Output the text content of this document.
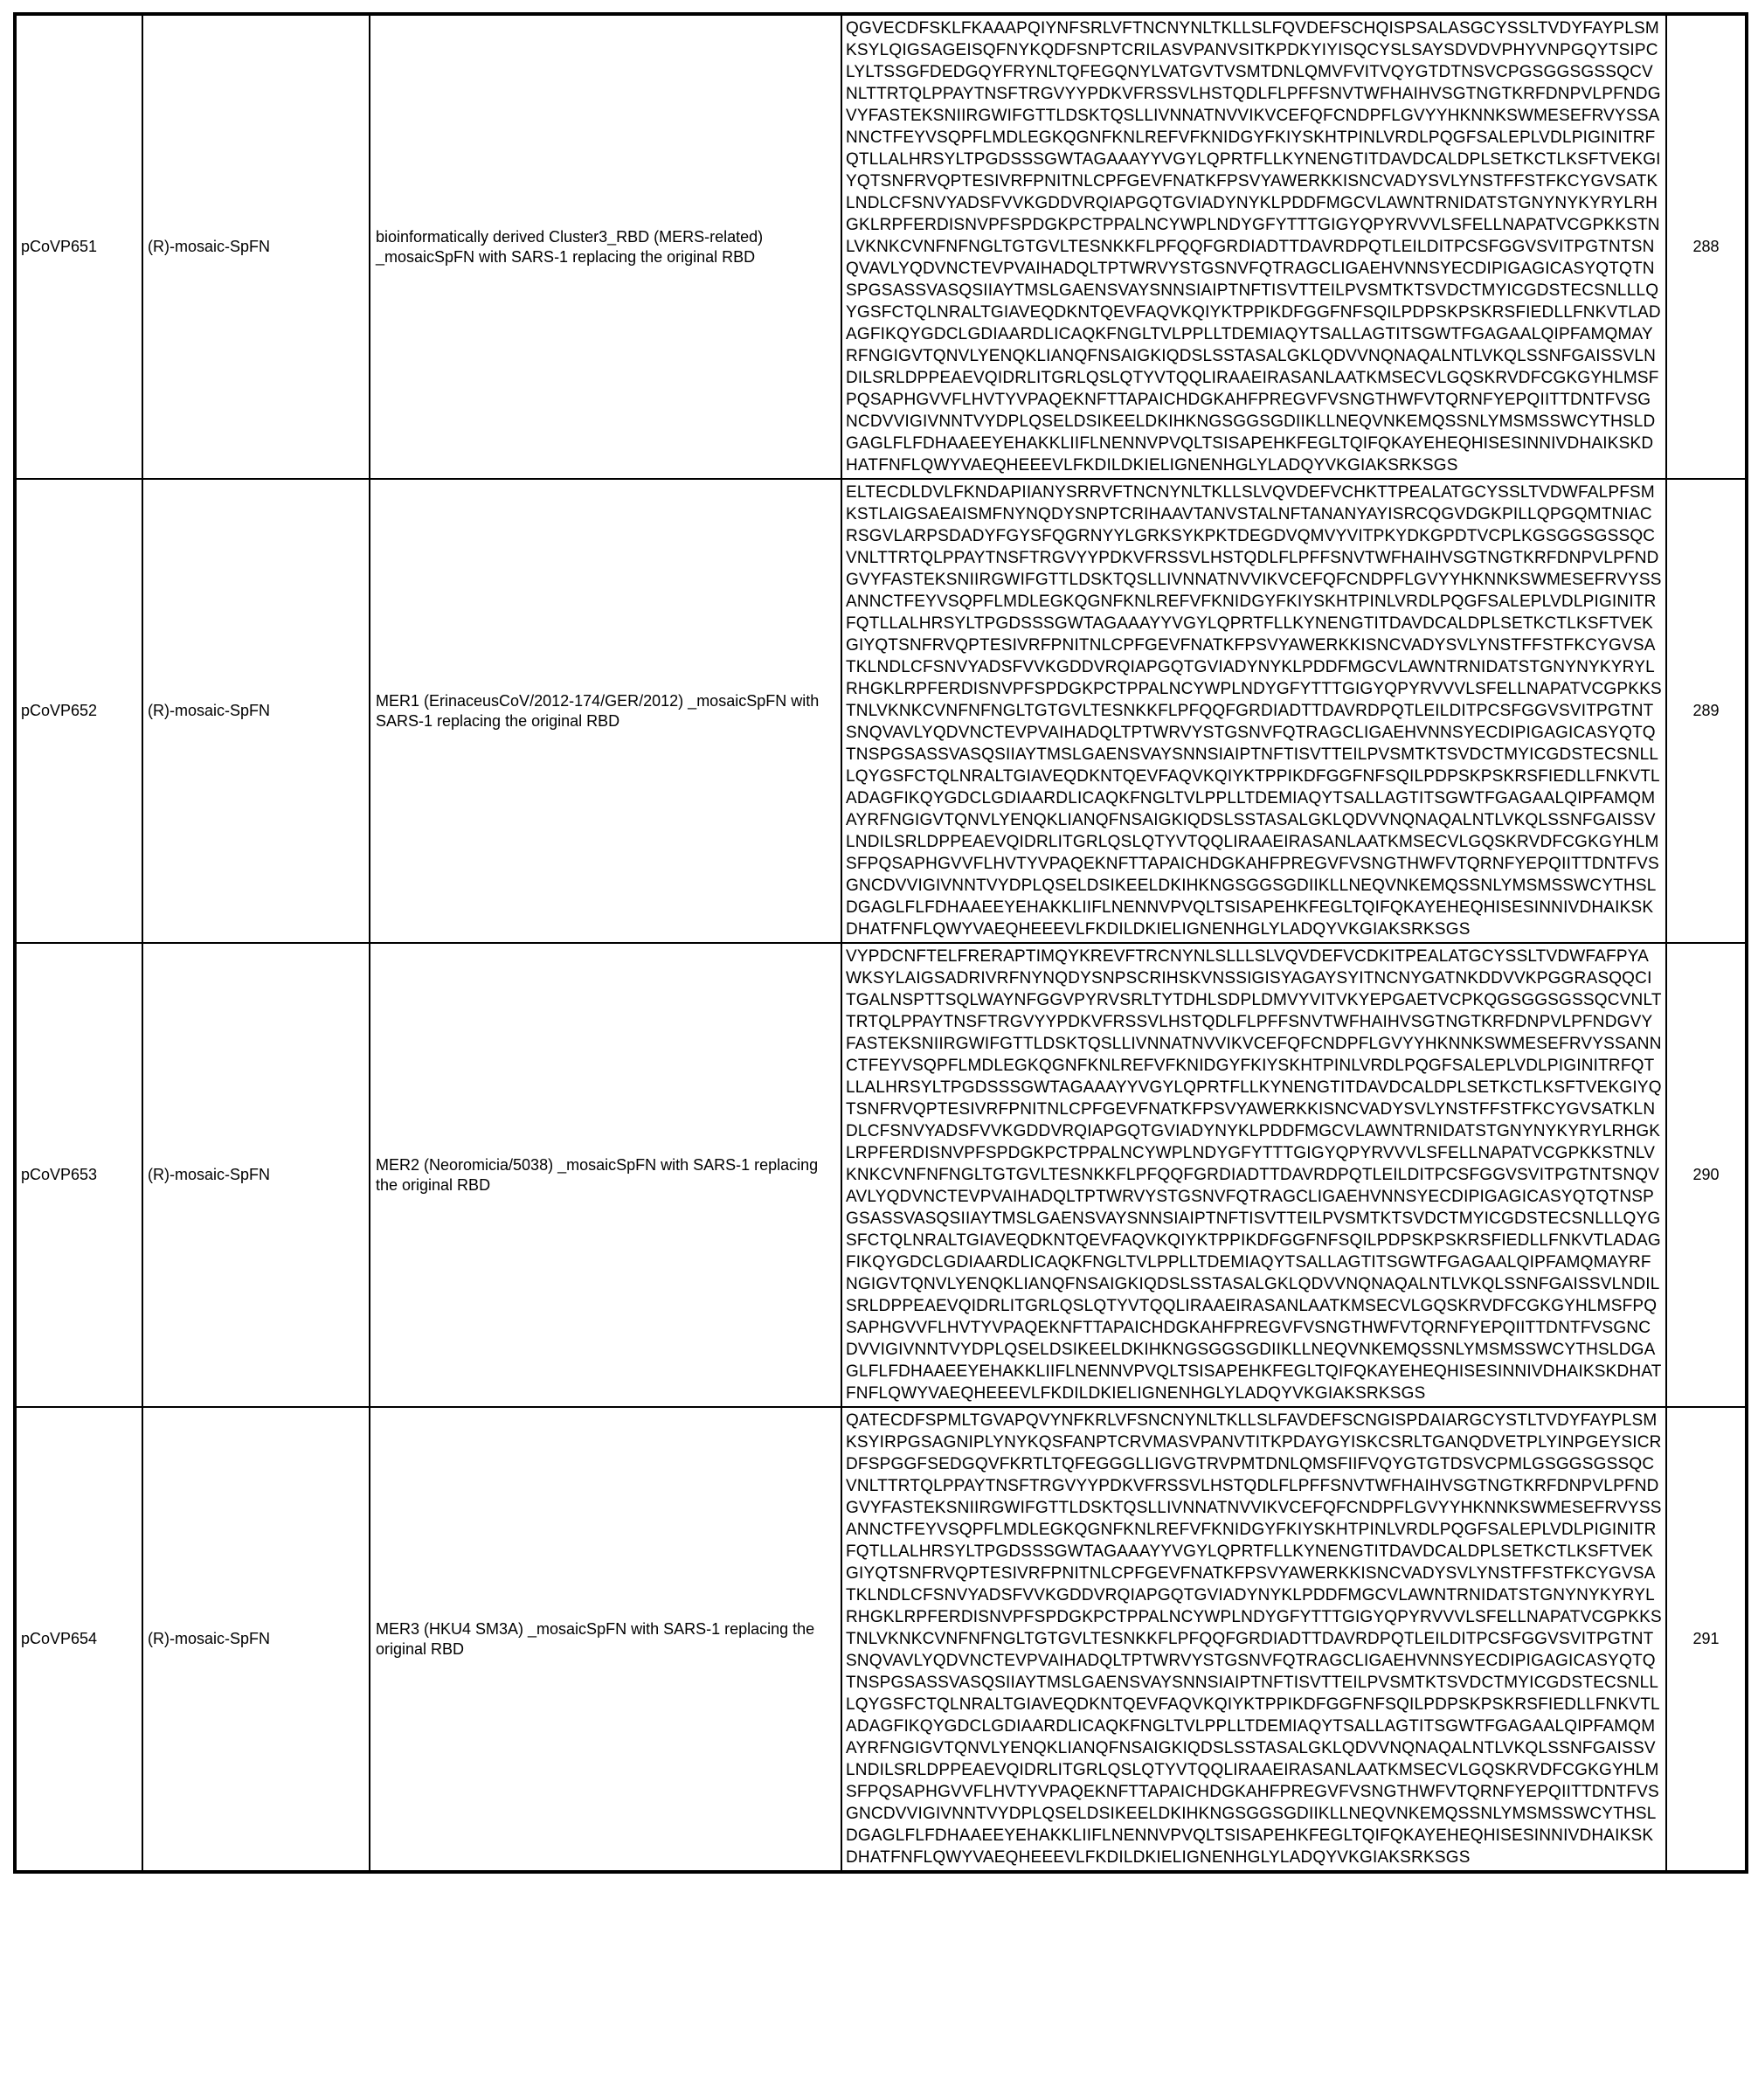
pCoVP651	(R)-mosaic-SpFN	bioinformatically derived Cluster3_RBD (MERS-related) _mosaicSpFN with SARS-1 replacing the original RBD	QGVECDFSKLFKAAAPQIYNFSRLVFTNCNYNLTKLLSLFQVDEFSCHQISPSALASGCYSSLTVDYFAYPLSMKSYLQIGSAGEISQFNYKQDFSNPTCRILASVPANVSITKPDKYIYISQCYSLSAYSDVDVPHYVNPGQYTSIPCLYLTSSGFDEDGQYFRYNLTQFEGQNYLVATGVTVSMTDNLQMVFVITVQYGTDTNSVCPGSGGSGSSQCVNLTTRTQLPPAYTNSFTRGVYYPDKVFRSSVLHSTQDLFLPFFSNVTWFHAIHVSGTNGTKRFDNPVLPFNDGVYFASTEKSNIIRGWIFGTTLDSKTQSLLIVNNATNVVIKVCEFQFCNDPFLGVYYHKNNKSWMESEFRVYSSANNCTFEYVSQPFLMDLEGKQGNFKNLREFVFKNIDGYFKIYSKHTPINLVRDLPQGFSALEPLVDLPIGINITRFQTLLALHRSYLTPGDSSSGWTAGAAAYYVGYLQPRTFLLKYNENGTITDAVDCALDPLSETKCTLKSFTVEKGIYQTSNFRVQPTESIVRFPNITNLCPFGEVFNATKFPSVYAWERKKISNCVADYSVLYNSTFFSTFKCYGVSATKLNDLCFSNVYADSFVVKGDDVRQIAPGQTGVIADYNYKLPDDFMGCVLAWNTRNIDATSTGNYNYKYRYLRHGKLRPFERDISNVPFSPDGKPCTPPALNCYWPLNDYGFYTTTGIGYQPYRVVVLSFELLNAPATVCGPKKSTNLVKNKCVNFNFNGLTGTGVLTESNKKFLPFQQFGRDIADTTDAVRDPQTLEILDITPCSFGGVSVITPGTNTSNQVAVLYQDVNCTEVPVAIHADQLTPTWRVYSTGSNVFQTRAGCLIGAEHVNNSYECDIPIGAGICASYQTQTNSPGSASSVASQSIIAYTMSLGAENSVAYSNNSIAIPTNFTISVTTEILPVSMTKTSVDCTMYICGDSTECSNLLLQYGSFCTQLNRALTGIAVEQDKNTQEVFAQVKQIYKTPPIKDFGGFNFSQILPDPSKPSKRSFIEDLLFNKVTLADAGFIKQYGDCLGDIAARDLICAQKFNGLTVLPPLLTDEMIAQYTSALLAGTITSGWTFGAGAALQIPFAMQMAYRFNGIGVTQNVLYENQKLIANQFNSAIGKIQDSLSSTASALGKLQDVVNQNAQALNTLVKQLSSNFGAISSVLNDILSRLDPPEAEVQIDRLITGRLQSLQTYVTQQLIRAAEIRASANLAATKMSECVLGQSKRVDFCGKGYHLMSFPQSAPHGVVFLHVTYVPAQEKNFTTAPAICHDGKAHFPREGVFVSNGTHWFVTQRNFYEPQIITTDNTFVSGNCDVVIGIVNNTVYDPLQSELDSIKEELDKIHKNGSGGSGDIIKLLNEQVNKEMQSSNLYMSMSSWCYTHSLDGAGLFLFDHAAEEYEHAKKLIIFLNENNVPVQLTSISAPEHKFEGLTQIFQKAYEHEQHISESINNIVDHAIKSKDHATFNFLQWYVAEQHEEEVLFKDILDKIELIGNENHGLYLADQYVKGIAKSRKSGS	288
pCoVP652	(R)-mosaic-SpFN	MER1 (ErinaceusCoV/2012-174/GER/2012) _mosaicSpFN with SARS-1 replacing the original RBD	ELTECDLDVLFKNDAPIIANYSRRVFTNCNYNLTKLLSLVQVDEFVCHKTTPEALATGCYSSLTVDWFALPFSMKSTLAIGSAEAISMFNYNQDYSNPTCRIHAAVTANVSTALNFTANANYAYISRCQGVDGKPILLQPGQMTNIACRSGVLARPSDADYFGYSFQGRNYYLGRKSYKPKTDEGDVQMVYVITPKYDKGPDTVCPLKGSGGSGSSQCVNLTTRTQLPPAYTNSFTRGVYYPDKVFRSSVLHSTQDLFLPFFSNVTWFHAIHVSGTNGTKRFDNPVLPFNDGVYFASTEKSNIIRGWIFGTTLDSKTQSLLIVNNATNVVIKVCEFQFCNDPFLGVYYHKNNKSWMESEFRVYSSANNCTFEYVSQPFLMDLEGKQGNFKNLREFVFKNIDGYFKIYSKHTPINLVRDLPQGFSALEPLVDLPIGINITRFQTLLALHRSYLTPGDSSSGWTAGAAAYYVGYLQPRTFLLKYNENGTITDAVDCALDPLSETKCTLKSFTVEKGIYQTSNFRVQPTESIVRFPNITNLCPFGEVFNATKFPSVYAWERKKISNCVADYSVLYNSTFFSTFKCYGVSATKLNDLCFSNVYADSFVVKGDDVRQIAPGQTGVIADYNYKLPDDFMGCVLAWNTRNIDATSTGNYNYKYRYLRHGKLRPFERDISNVPFSPDGKPCTPPALNCYWPLNDYGFYTTTGIGYQPYRVVVLSFELLNAPATVCGPKKSTNLVKNKCVNFNFNGLTGTGVLTESNKKFLPFQQFGRDIADTTDAVRDPQTLEILDITPCSFGGVSVITPGTNTSNQVAVLYQDVNCTEVPVAIHADQLTPTWRVYSTGSNVFQTRAGCLIGAEHVNNSYECDIPIGAGICASYQTQTNSPGSASSVASQSIIAYTMSLGAENSVAYSNNSIAIPTNFTISVTTEILPVSMTKTSVDCTMYICGDSTECSNLLLQYGSFCTQLNRALTGIAVEQDKNTQEVFAQVKQIYKTPPIKDFGGFNFSQILPDPSKPSKRSFIEDLLFNKVTLADAGFIKQYGDCLGDIAARDLICAQKFNGLTVLPPLLTDEMIAQYTSALLAGTITSGWTFGAGAALQIPFAMQMAYRFNGIGVTQNVLYENQKLIANQFNSAIGKIQDSLSSTASALGKLQDVVNQNAQALNTLVKQLSSNFGAISSVLNDILSRLDPPEAEVQIDRLITGRLQSLQTYVTQQLIRAAEIRASANLAATKMSECVLGQSKRVDFCGKGYHLMSFPQSAPHGVVFLHVTYVPAQEKNFTTAPAICHDGKAHFPREGVFVSNGTHWFVTQRNFYEPQIITTDNTFVSGNCDVVIGIVNNTVYDPLQSELDSIKEELDKIHKNGSGGSGDIIKLLNEQVNKEMQSSNLYMSMSSWCYTHSLDGAGLFLFDHAAEEYEHAKKLIIFLNENNVPVQLTSISAPEHKFEGLTQIFQKAYEHEQHISESINNIVDHAIKSKDHATFNFLQWYVAEQHEEEVLFKDILDKIELIGNENHGLYLADQYVKGIAKSRKSGS	289
pCoVP653	(R)-mosaic-SpFN	MER2 (Neoromicia/5038) _mosaicSpFN with SARS-1 replacing the original RBD	VYPDCNFTELFRERAPTIMQYKREVFTRCNYNLSLLLSLVQVDEFVCDKITPEALATGCYSSLTVDWFAFPYAWKSYLAIGSADRIVRFNYNQDYSNPSCRIHSKVNSSIGISYAGAYSYITNCNYGATNKDDVVKPGGRASQQCITGALNSPTTSQLWAYNFGGVPYRVSRLTYTDHLSDPLDMVYVITVKYEPGAETVCPKQGSGGSGSSQCVNLTTRTQLPPAYTNSFTRGVYYPDKVFRSSVLHSTQDLFLPFFSNVTWFHAIHVSGTNGTKRFDNPVLPFNDGVYFASTEKSNIIRGWIFGTTLDSKTQSLLIVNNATNVVIKVCEFQFCNDPFLGVYYHKNNKSWMESEFRVYSSANNCTFEYVSQPFLMDLEGKQGNFKNLREFVFKNIDGYFKIYSKHTPINLVRDLPQGFSALEPLVDLPIGINITRFQTLLALHRSYLTPGDSSSGWTAGAAAYYVGYLQPRTFLLKYNENGTITDAVDCALDPLSETKCTLKSFTVEKGIYQTSNFRVQPTESIVRFPNITNLCPFGEVFNATKFPSVYAWERKKISNCVADYSVLYNSTFFSTFKCYGVSATKLNDLCFSNVYADSFVVKGDDVRQIAPGQTGVIADYNYKLPDDFMGCVLAWNTRNIDATSTGNYNYKYRYLRHGKLRPFERDISNVPFSPDGKPCTPPALNCYWPLNDYGFYTTTGIGYQPYRVVVLSFELLNAPATVCGPKKSTNLVKNKCVNFNFNGLTGTGVLTESNKKFLPFQQFGRDIADTTDAVRDPQTLEILDITPCSFGGVSVITPGTNTSNQVAVLYQDVNCTEVPVAIHADQLTPTWRVYSTGSNVFQTRAGCLIGAEHVNNSYECDIPIGAGICASYQTQTNSPGSASSVASQSIIAYTMSLGAENSVAYSNNSIAIPTNFTISVTTEILPVSMTKTSVDCTMYICGDSTECSNLLLQYGSFCTQLNRALTGIAVEQDKNTQEVFAQVKQIYKTPPIKDFGGFNFSQILPDPSKPSKRSFIEDLLFNKVTLADAGFIKQYGDCLGDIAARDLICAQKFNGLTVLPPLLTDEMIAQYTSALLAGTITSGWTFGAGAALQIPFAMQMAYRFNGIGVTQNVLYENQKLIANQFNSAIGKIQDSLSSTASALGKLQDVVNQNAQALNTLVKQLSSNFGAISSVLNDILSRLDPPEAEVQIDRLITGRLQSLQTYVTQQLIRAAEIRASANLAATKMSECVLGQSKRVDFCGKGYHLMSFPQSAPHGVVFLHVTYVPAQEKNFTTAPAICHDGKAHFPREGVFVSNGTHWFVTQRNFYEPQIITTDNTFVSGNCDVVIGIVNNTVYDPLQSELDSIKEELDKIHKNGSGGSGDIIKLLNEQVNKEMQSSNLYMSMSSWCYTHSLDGAGLFLFDHAAEEYEHAKKLIIFLNENNVPVQLTSISAPEHKFEGLTQIFQKAYEHEQHISESINNIVDHAIKSKDHATFNFLQWYVAEQHEEEVLFKDILDKIELIGNENHGLYLADQYVKGIAKSRKSGS	290
pCoVP654	(R)-mosaic-SpFN	MER3 (HKU4 SM3A) _mosaicSpFN with SARS-1 replacing the original RBD	QATECDFSPMLTGVAPQVYNFKRLVFSNCNYNLTKLLSLFAVDEFSCNGISPDAIARGCYSTLTVDYFAYPLSMKSYIRPGSAGNIPLYNYKQSFANPTCRVMASVPANVTITKPDAYGYISKCSRLTGANQDVETPLYINPGEYSICRDFSPGGFSEDGQVFKRTLTQFEGGGLLIGVGTRVPMTDNLQMSFIIFVQYGTGTDSVCPMLGSGGSGSSQCVNLTTRTQLPPAYTNSFTRGVYYPDKVFRSSVLHSTQDLFLPFFSNVTWFHAIHVSGTNGTKRFDNPVLPFNDGVYFASTEKSNIIRGWIFGTTLDSKTQSLLIVNNATNVVIKVCEFQFCNDPFLGVYYHKNNKSWMESEFRVYSSANNCTFEYVSQPFLMDLEGKQGNFKNLREFVFKNIDGYFKIYSKHTPINLVRDLPQGFSALEPLVDLPIGINITRFQTLLALHRSYLTPGDSSSGWTAGAAAYYVGYLQPRTFLLKYNENGTITDAVDCALDPLSETKCTLKSFTVEKGIYQTSNFRVQPTESIVRFPNITNLCPFGEVFNATKFPSVYAWERKKISNCVADYSVLYNSTFFSTFKCYGVSATKLNDLCFSNVYADSFVVKGDDVRQIAPGQTGVIADYNYKLPDDFMGCVLAWNTRNIDATSTGNYNYKYRYLRHGKLRPFERDISNVPFSPDGKPCTPPALNCYWPLNDYGFYTTTGIGYQPYRVVVLSFELLNAPATVCGPKKSTNLVKNKCVNFNFNGLTGTGVLTESNKKFLPFQQFGRDIADTTDAVRDPQTLEILDITPCSFGGVSVITPGTNTSNQVAVLYQDVNCTEVPVAIHADQLTPTWRVYSTGSNVFQTRAGCLIGAEHVNNSYECDIPIGAGICASYQTQTNSPGSASSVASQSIIAYTMSLGAENSVAYSNNSIAIPTNFTISVTTEILPVSMTKTSVDCTMYICGDSTECSNLLLQYGSFCTQLNRALTGIAVEQDKNTQEVFAQVKQIYKTPPIKDFGGFNFSQILPDPSKPSKRSFIEDLLFNKVTLADAGFIKQYGDCLGDIAARDLICAQKFNGLTVLPPLLTDEMIAQYTSALLAGTITSGWTFGAGAALQIPFAMQMAYRFNGIGVTQNVLYENQKLIANQFNSAIGKIQDSLSSTASALGKLQDVVNQNAQALNTLVKQLSSNFGAISSVLNDILSRLDPPEAEVQIDRLITGRLQSLQTYVTQQLIRAAEIRASANLAATKMSECVLGQSKRVDFCGKGYHLMSFPQSAPHGVVFLHVTYVPAQEKNFTTAPAICHDGKAHFPREGVFVSNGTHWFVTQRNFYEPQIITTDNTFVSGNCDVVIGIVNNTVYDPLQSELDSIKEELDKIHKNGSGGSGDIIKLLNEQVNKEMQSSNLYMSMSSWCYTHSLDGAGLFLFDHAAEEYEHAKKLIIFLNENNVPVQLTSISAPEHKFEGLTQIFQKAYEHEQHISESINNIVDHAIKSKDHATFNFLQWYVAEQHEEEVLFKDILDKIELIGNENHGLYLADQYVKGIAKSRKSGS	291
